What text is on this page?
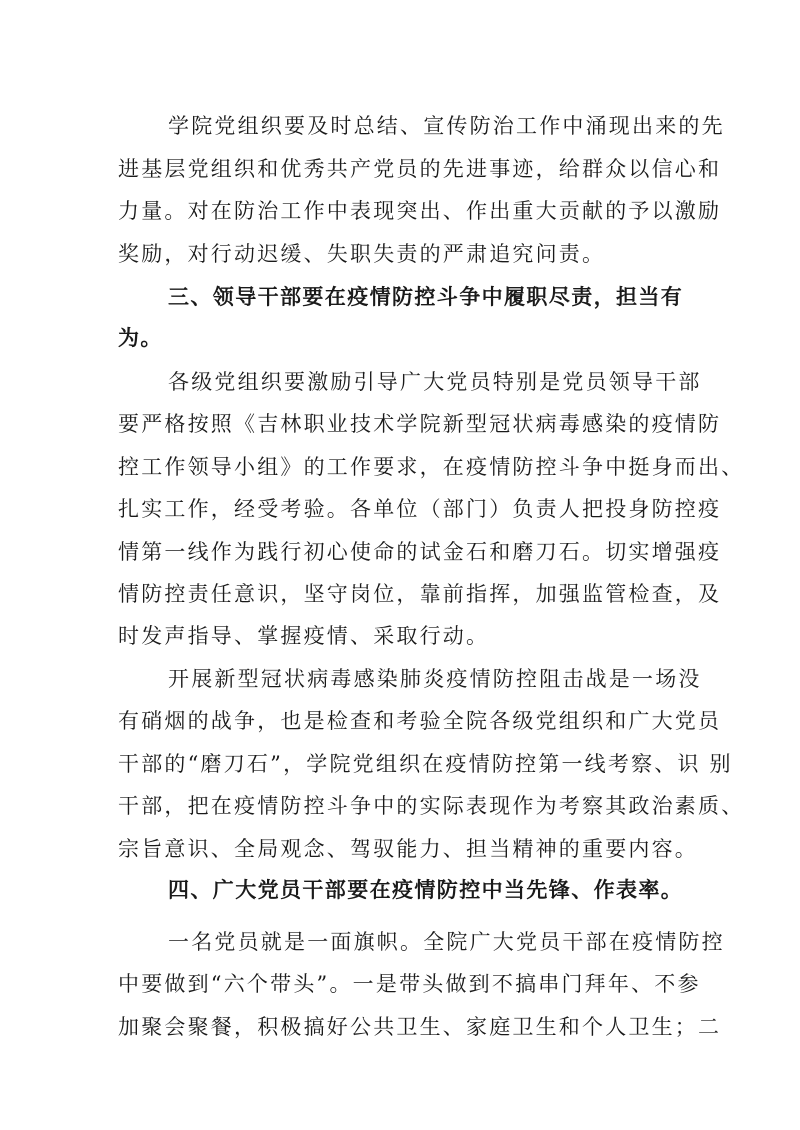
学院党组织要及时总结、宣传防治工作中涌现出来的先
进基层党组织和优秀共产党员的先进事迹，给群众以信心和
力量。对在防治工作中表现突出、作出重大贡献的予以激励
奖励，对行动迟缓、失职失责的严肃追究问责。
三、领导干部要在疫情防控斗争中履职尽责，担当有
为。
各级党组织要激励引导广大党员特别是党员领导干部
要严格按照《吉林职业技术学院新型冠状病毒感染的疫情防
控工作领导小组》的工作要求，在疫情防控斗争中挺身而出、
扎实工作，经受考验。各单位（部门）负责人把投身防控疫
情第一线作为践行初心使命的试金石和磨刀石。切实增强疫
情防控责任意识，坚守岗位，靠前指挥，加强监管检查，及
时发声指导、掌握疫情、采取行动。
开展新型冠状病毒感染肺炎疫情防控阻击战是一场没
有硝烟的战争，也是检查和考验全院各级党组织和广大党员
干部的“磨刀石”，学院党组织在疫情防控第一线考察、识 别
干部，把在疫情防控斗争中的实际表现作为考察其政治素质、
宗旨意识、全局观念、驾驭能力、担当精神的重要内容。
四、广大党员干部要在疫情防控中当先锋、作表率。
一名党员就是一面旗帜。全院广大党员干部在疫情防控
中要做到“六个带头”。一是带头做到不搞串门拜年、不参
加聚会聚餐，积极搞好公共卫生、家庭卫生和个人卫生；二
